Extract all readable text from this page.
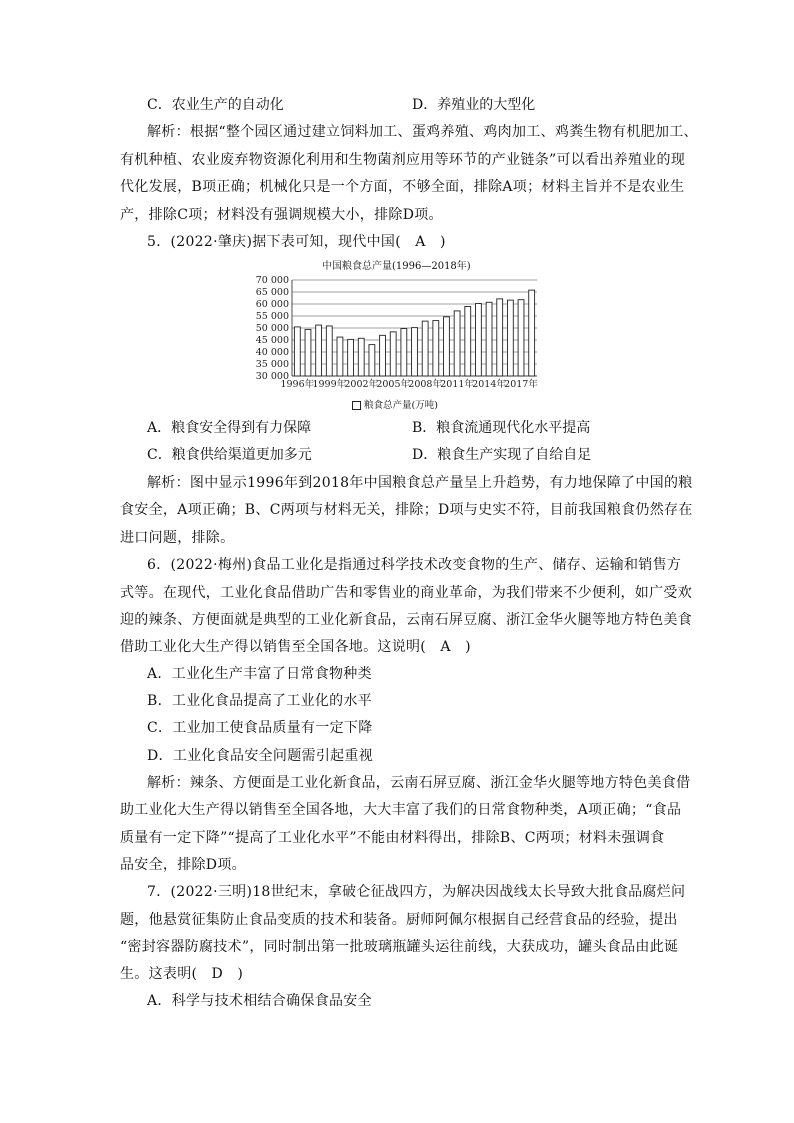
C．农业生产的自动化	D．养殖业的大型化
解析：根据“整个园区通过建立饲料加工、蛋鸡养殖、鸡肉加工、鸡粪生物有机肥加工、
有机种植、农业废弃物资源化利用和生物菌剂应用等环节的产业链条”可以看出养殖业的现
代化发展，B项正确；机械化只是一个方面，不够全面，排除A项；材料主旨并不是农业生
产，排除C项；材料没有强调规模大小，排除D项。
5．(2022·肇庆)据下表可知，现代中国(　A　)
中国粮食总产量(1996—2018年)
70 000
65 000
60 000
55 000
50 000
45 000
40 000
35 000
30 000
1996年
1999年
2002年
2005年
2008年
2011年
2014年
2017年
粮食总产量(万吨)
A．粮食安全得到有力保障	B．粮食流通现代化水平提高
C．粮食供给渠道更加多元	D．粮食生产实现了自给自足
解析：图中显示1996年到2018年中国粮食总产量呈上升趋势，有力地保障了中国的粮
食安全，A项正确；B、C两项与材料无关，排除；D项与史实不符，目前我国粮食仍然存在
进口问题，排除。
6．(2022·梅州)食品工业化是指通过科学技术改变食物的生产、储存、运输和销售方
式等。在现代，工业化食品借助广告和零售业的商业革命，为我们带来不少便利，如广受欢
迎的辣条、方便面就是典型的工业化新食品，云南石屏豆腐、浙江金华火腿等地方特色美食
借助工业化大生产得以销售至全国各地。这说明(　A　)
A．工业化生产丰富了日常食物种类
B．工业化食品提高了工业化的水平
C．工业加工使食品质量有一定下降
D．工业化食品安全问题需引起重视
解析：辣条、方便面是工业化新食品，云南石屏豆腐、浙江金华火腿等地方特色美食借
助工业化大生产得以销售至全国各地，大大丰富了我们的日常食物种类，A项正确；“食品
质量有一定下降”“提高了工业化水平”不能由材料得出，排除B、C两项；材料未强调食
品安全，排除D项。
7．(2022·三明)18世纪末，拿破仑征战四方，为解决因战线太长导致大批食品腐烂问
题，他悬赏征集防止食品变质的技术和装备。厨师阿佩尔根据自己经营食品的经验，提出
“密封容器防腐技术”，同时制出第一批玻璃瓶罐头运往前线，大获成功，罐头食品由此诞
生。这表明(　D　)
A．科学与技术相结合确保食品安全
